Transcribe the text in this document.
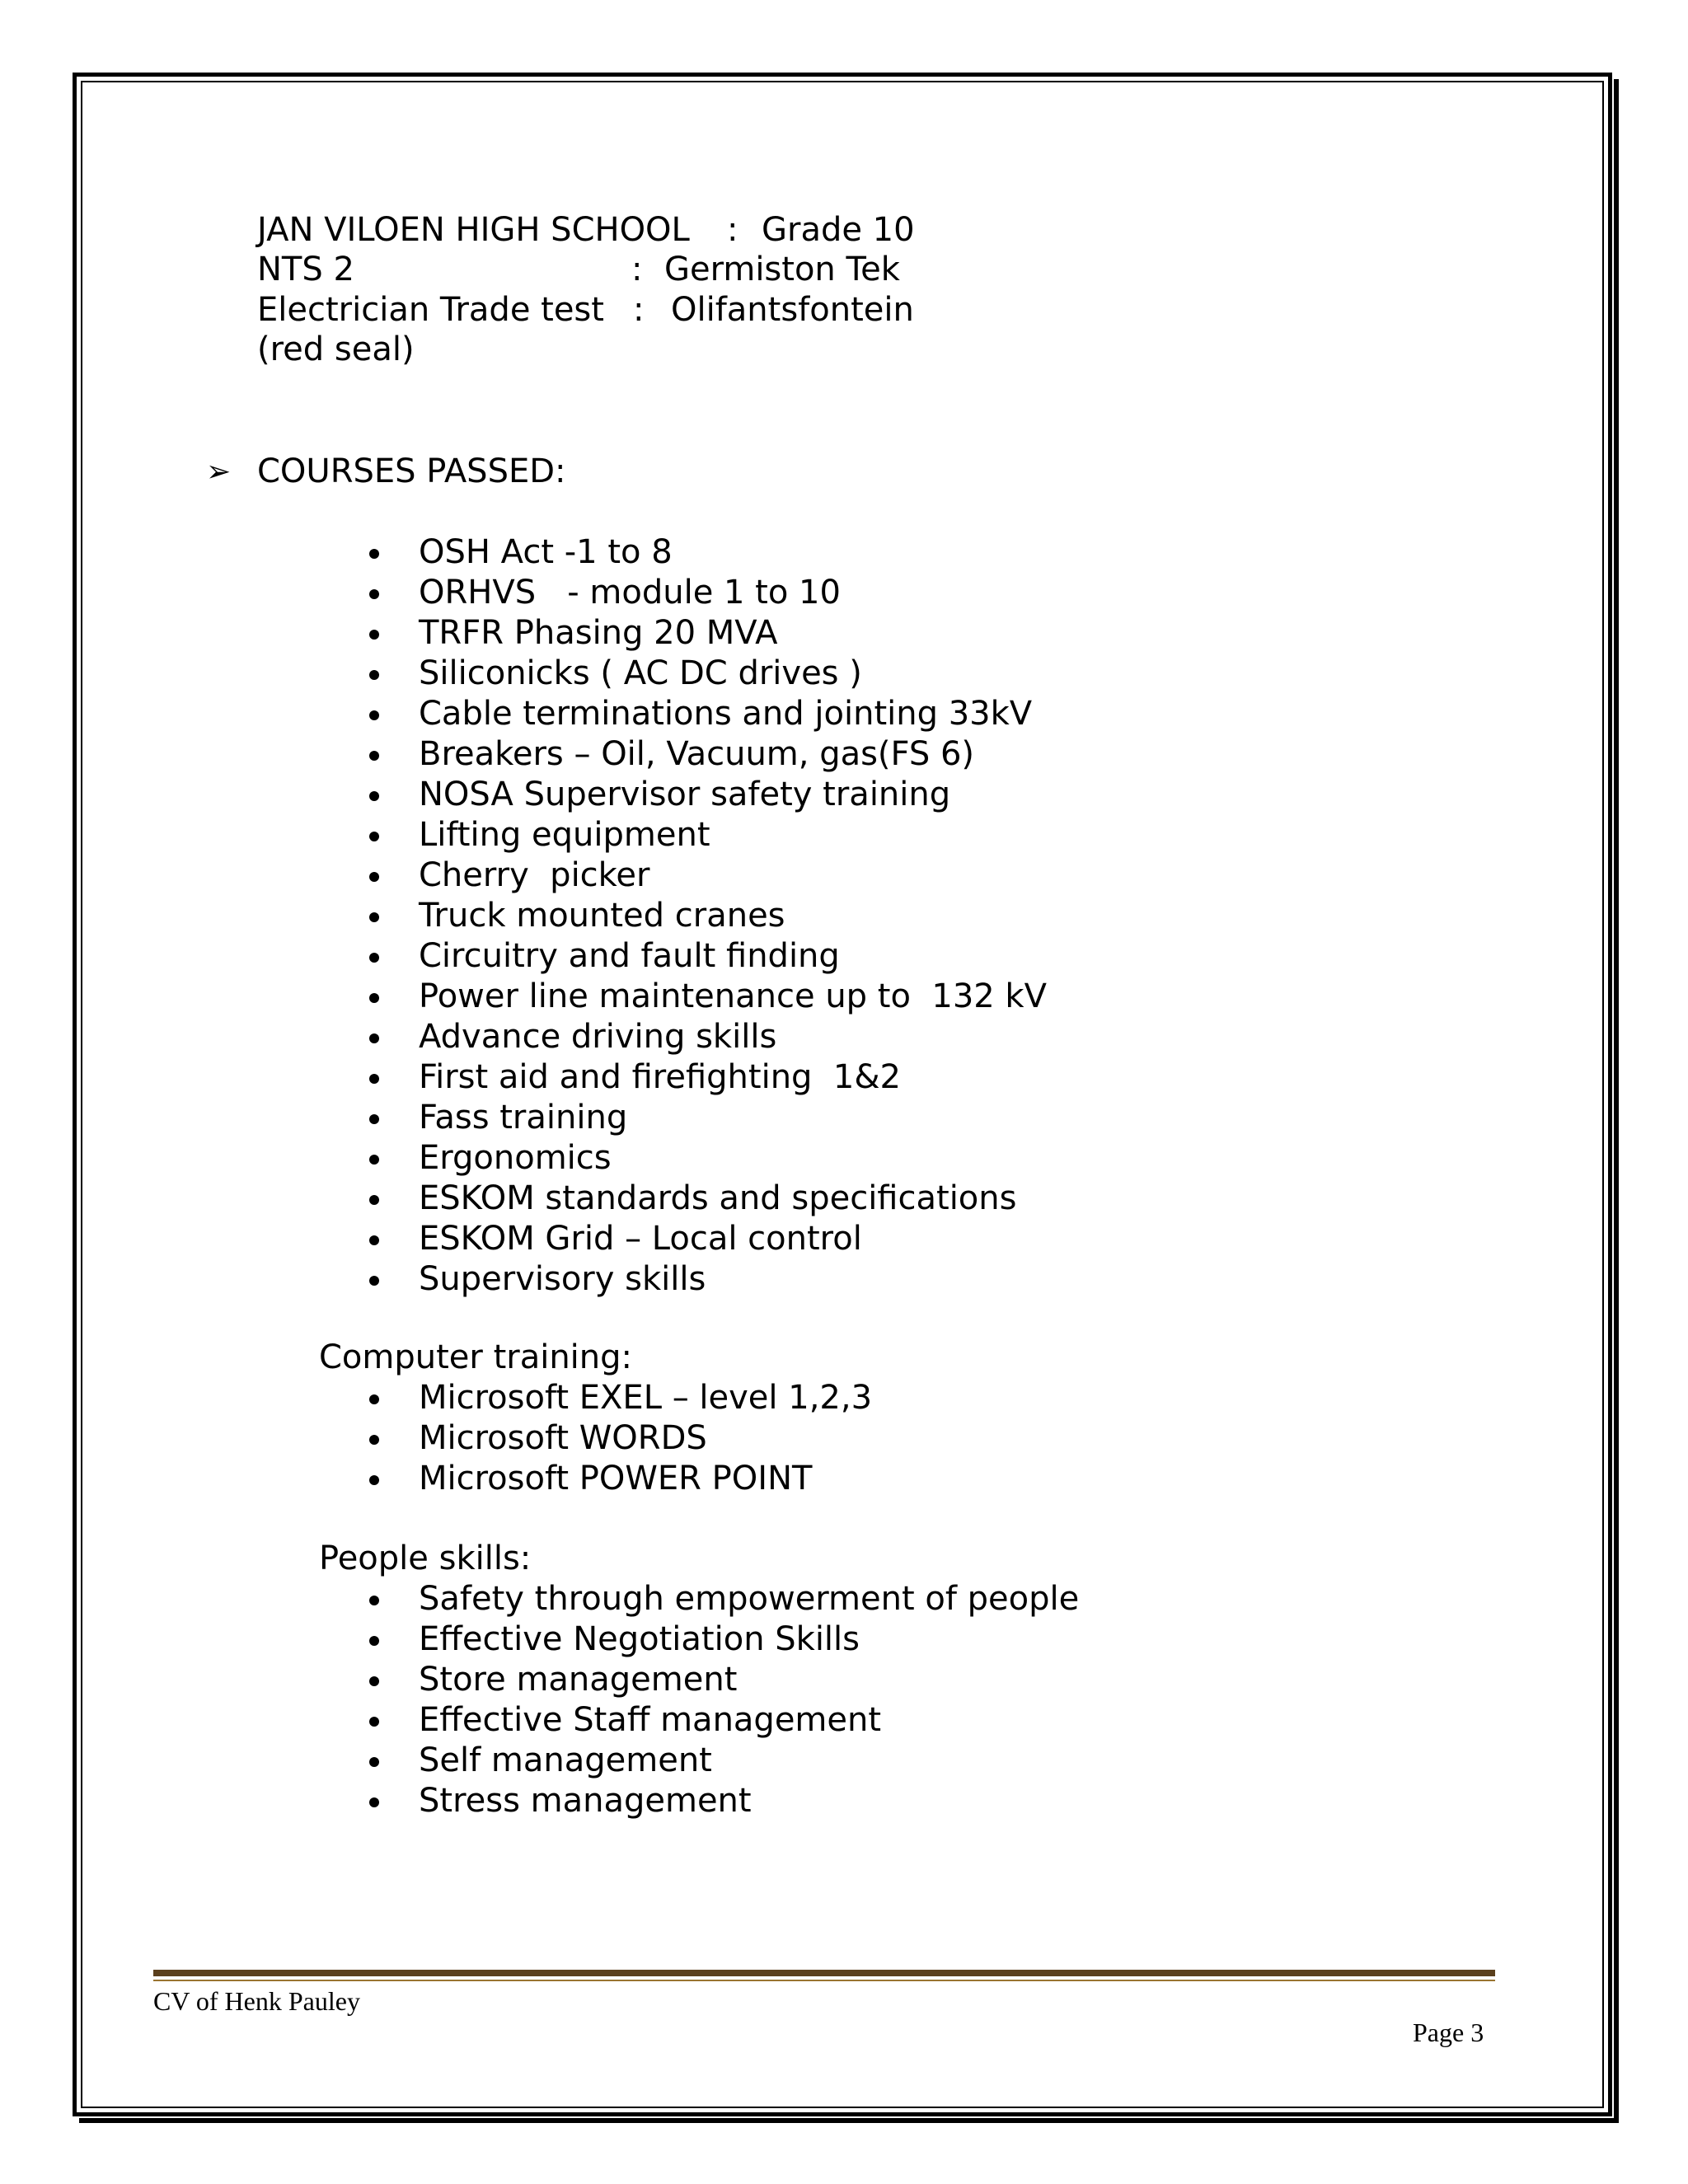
JAN VILOEN HIGH SCHOOL : Grade 10
NTS 2	: Germiston Tek
Electrician Trade test : Olifantsfontein
(red seal)
➢ COURSES PASSED:
OSH Act -1 to 8
ORHVS   - module 1 to 10
TRFR Phasing 20 MVA
Siliconicks ( AC DC drives )
Cable terminations and jointing 33kV
Breakers – Oil, Vacuum, gas(FS 6)
NOSA Supervisor safety training
Lifting equipment
Cherry  picker
Truck mounted cranes
Circuitry and fault finding
Power line maintenance up to  132 kV
Advance driving skills
First aid and firefighting  1&2
Fass training
Ergonomics
ESKOM standards and specifications
ESKOM Grid – Local control
Supervisory skills
Computer training:
Microsoft EXEL – level 1,2,3
Microsoft WORDS
Microsoft POWER POINT
People skills:
Safety through empowerment of people
Effective Negotiation Skills
Store management
Effective Staff management
Self management
Stress management
CV of Henk Pauley
Page 3
